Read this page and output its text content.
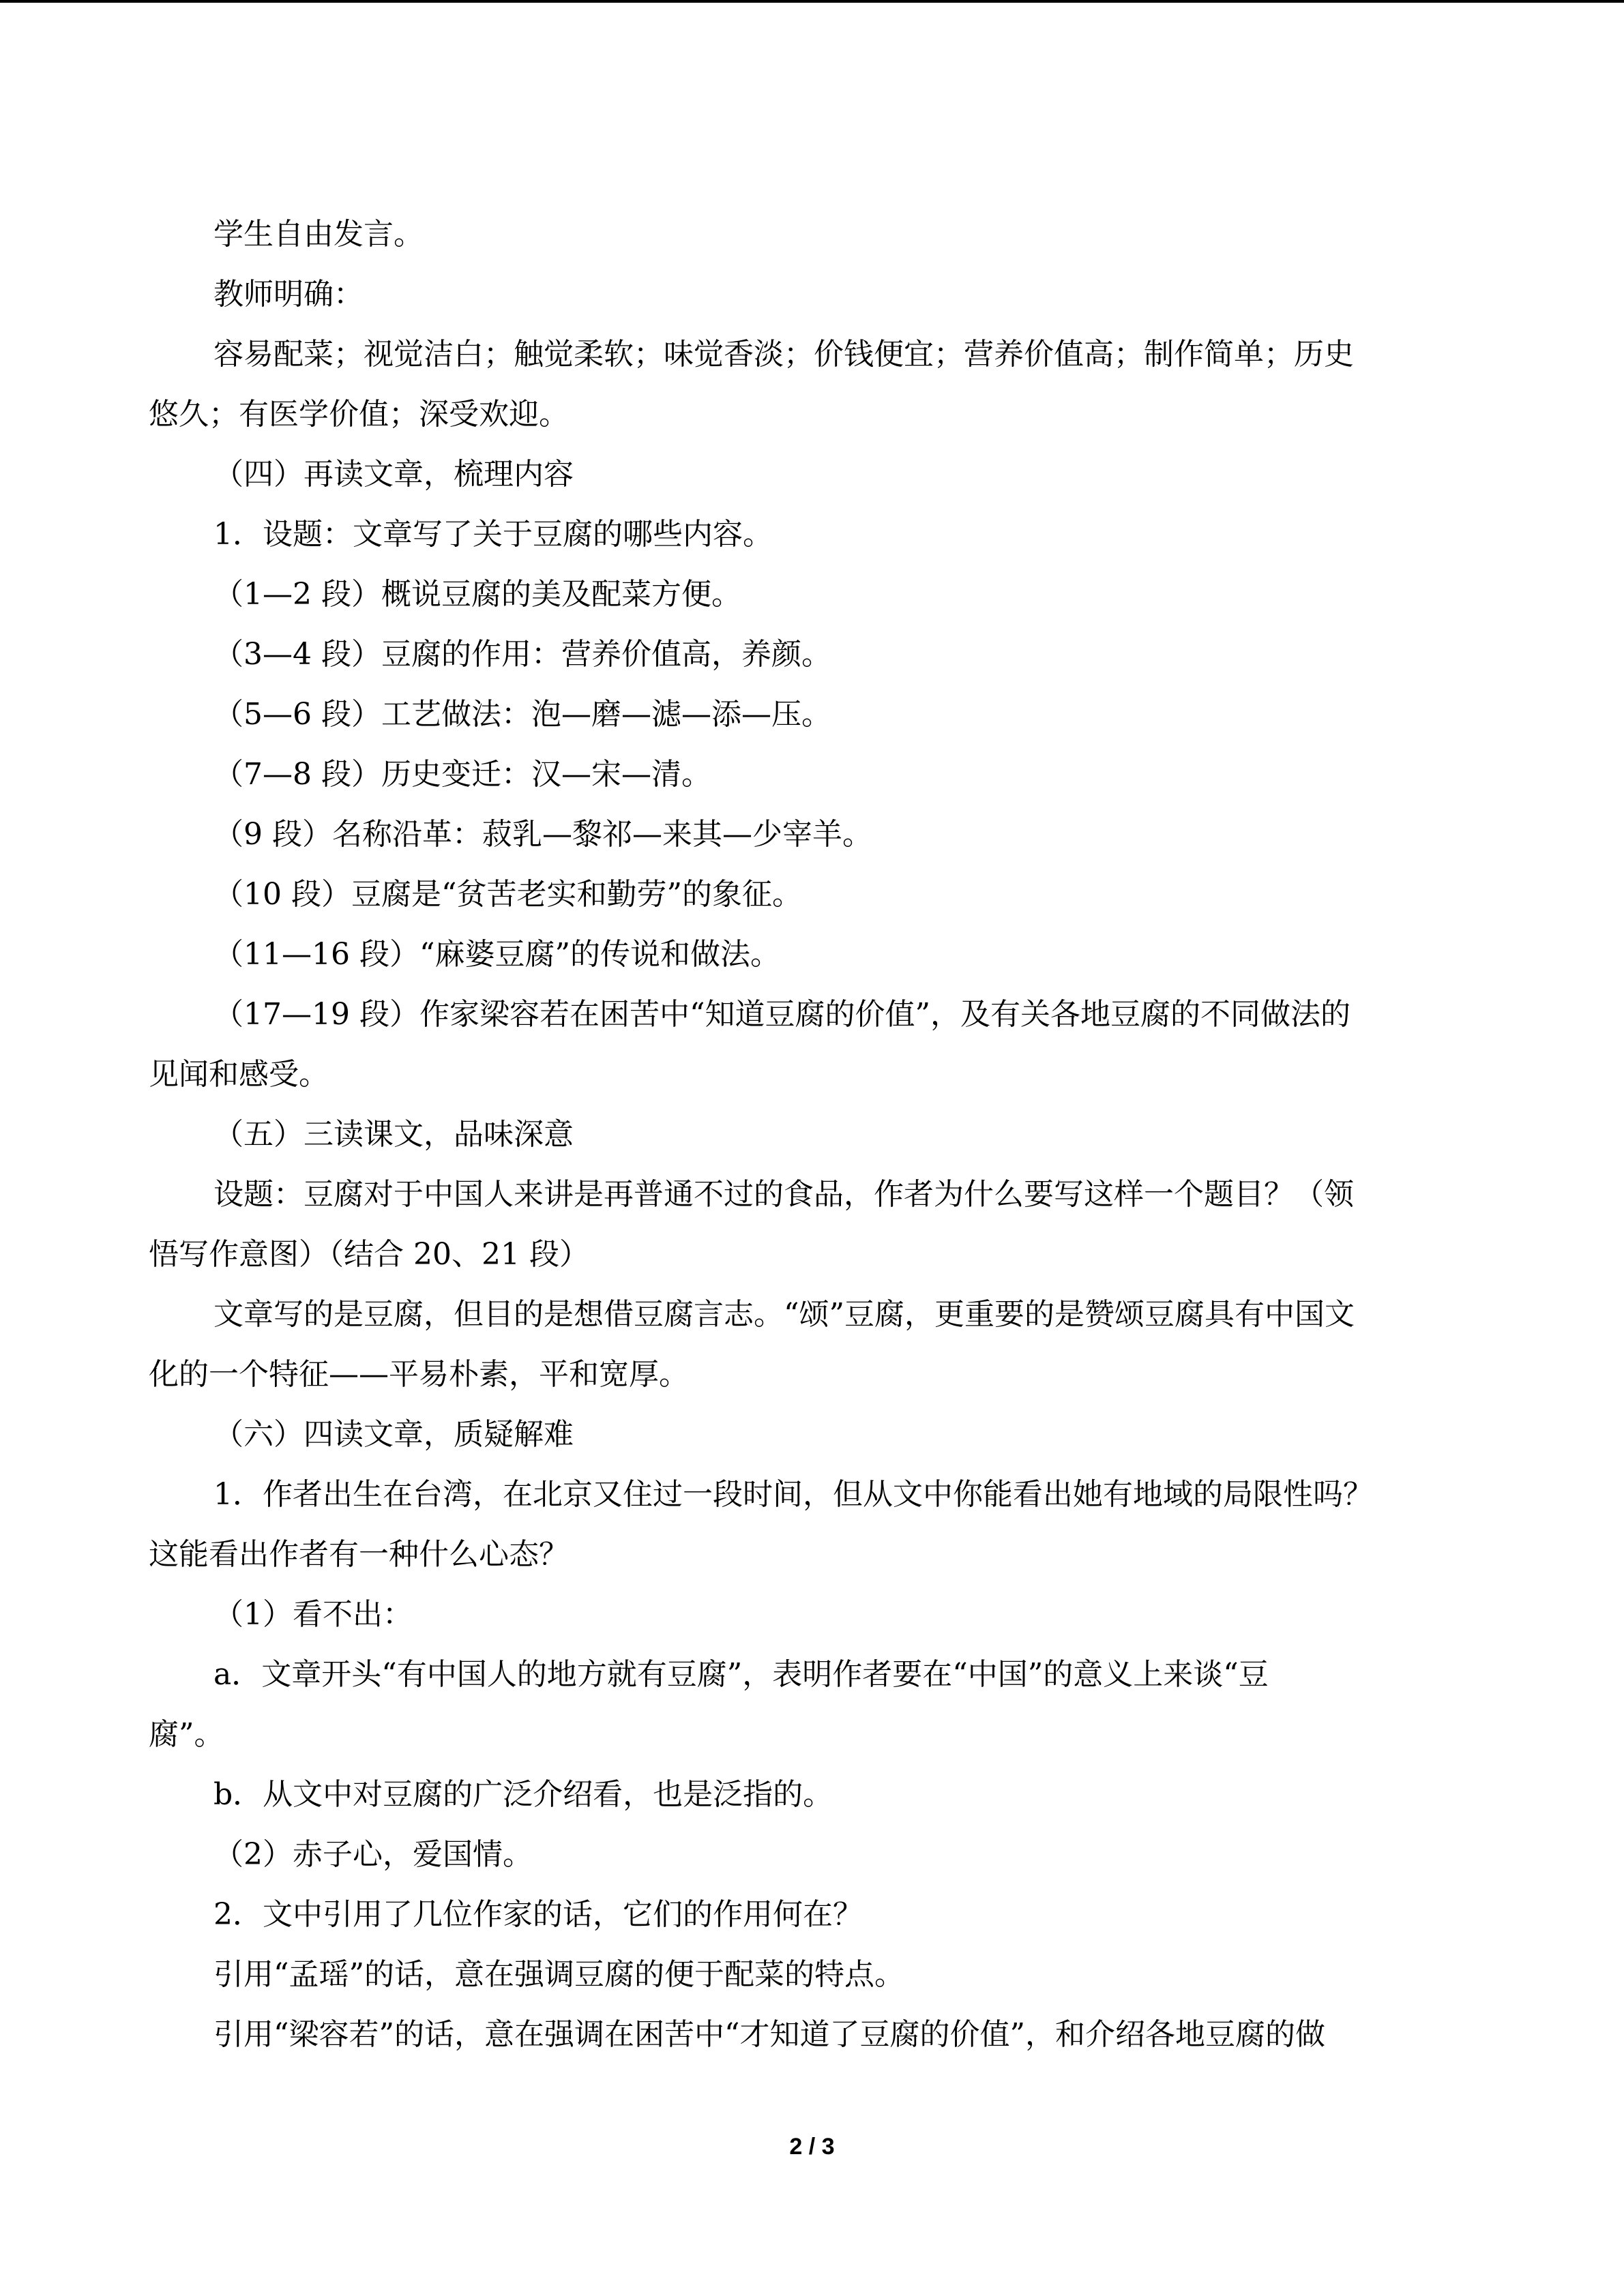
学生自由发言。
教师明确：
容易配菜；视觉洁白；触觉柔软；味觉香淡；价钱便宜；营养价值高；制作简单；历史
悠久；有医学价值；深受欢迎。
（四）再读文章，梳理内容
1．设题：文章写了关于豆腐的哪些内容。
（1—2 段）概说豆腐的美及配菜方便。
（3—4 段）豆腐的作用：营养价值高，养颜。
（5—6 段）工艺做法：泡—磨—滤—添—压。
（7—8 段）历史变迁：汉—宋—清。
（9 段）名称沿革：菽乳—黎祁—来其—少宰羊。
（10 段）豆腐是“贫苦老实和勤劳”的象征。
（11—16 段）“麻婆豆腐”的传说和做法。
（17—19 段）作家梁容若在困苦中“知道豆腐的价值”，及有关各地豆腐的不同做法的
见闻和感受。
（五）三读课文，品味深意
设题：豆腐对于中国人来讲是再普通不过的食品，作者为什么要写这样一个题目？（领
悟写作意图）（结合 20、21 段）
文章写的是豆腐，但目的是想借豆腐言志。“颂”豆腐，更重要的是赞颂豆腐具有中国文
化的一个特征——平易朴素，平和宽厚。
（六）四读文章，质疑解难
1．作者出生在台湾，在北京又住过一段时间，但从文中你能看出她有地域的局限性吗？
这能看出作者有一种什么心态？
（1）看不出：
a．文章开头“有中国人的地方就有豆腐”，表明作者要在“中国”的意义上来谈“豆
腐”。
b．从文中对豆腐的广泛介绍看，也是泛指的。
（2）赤子心，爱国情。
2．文中引用了几位作家的话，它们的作用何在？
引用“孟瑶”的话，意在强调豆腐的便于配菜的特点。
引用“梁容若”的话，意在强调在困苦中“才知道了豆腐的价值”，和介绍各地豆腐的做
2 / 3
